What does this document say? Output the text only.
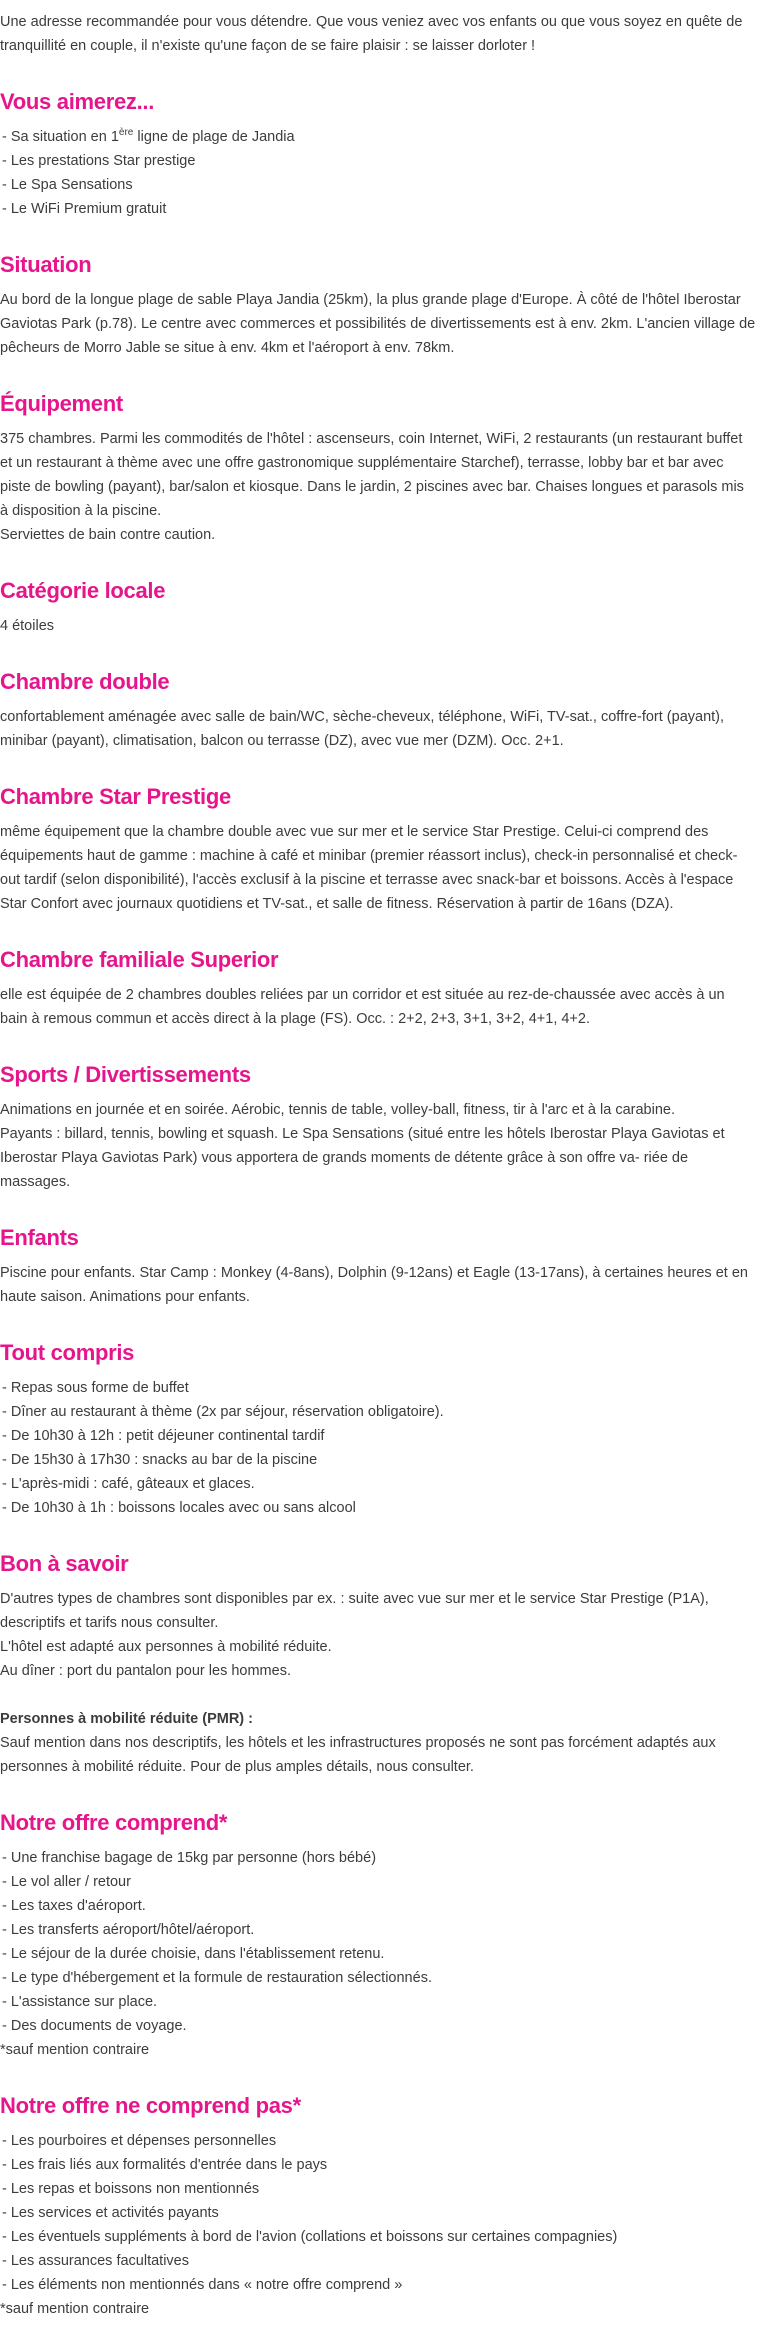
Une adresse recommandée pour vous détendre. Que vous veniez avec vos enfants ou que vous soyez en quête de tranquillité en couple, il n'existe qu'une façon de se faire plaisir : se laisser dorloter !

Vous aimerez...
- Sa situation en 1ère ligne de plage de Jandia
- Les prestations Star prestige
- Le Spa Sensations
- Le WiFi Premium gratuit
Situation

Au bord de la longue plage de sable Playa Jandia (25km), la plus grande plage d'Europe. À côté de l'hôtel Iberostar Gaviotas Park (p.78). Le centre avec commerces et possibilités de divertissements est à env. 2km. L'ancien village de pêcheurs de Morro Jable se situe à env. 4km et l'aéroport à env. 78km.

Équipement

375 chambres. Parmi les commodités de l'hôtel : ascenseurs, coin Internet, WiFi, 2 restaurants (un restaurant buffet et un restaurant à thème avec une offre gastronomique supplémentaire Starchef), terrasse, lobby bar et bar avec piste de bowling (payant), bar/salon et kiosque. Dans le jardin, 2 piscines avec bar. Chaises longues et parasols mis à disposition à la piscine.

Serviettes de bain contre caution.

Catégorie locale

4 étoiles

Chambre double

confortablement aménagée avec salle de bain/WC, sèche-cheveux, téléphone, WiFi, TV-sat., coffre-fort (payant), minibar (payant), climatisation, balcon ou terrasse (DZ), avec vue mer (DZM). Occ. 2+1.

Chambre Star Prestige

même équipement que la chambre double avec vue sur mer et le service Star Prestige. Celui-ci comprend des équipements haut de gamme : machine à café et minibar (premier réassort inclus), check-in personnalisé et check-out tardif (selon disponibilité), l'accès exclusif à la piscine et terrasse avec snack-bar et boissons. Accès à l'espace Star Confort avec journaux quotidiens et TV-sat., et salle de fitness. Réservation à partir de 16ans (DZA).

Chambre familiale Superior

elle est équipée de 2 chambres doubles reliées par un corridor et est située au rez-de-chaussée avec accès à un bain à remous commun et accès direct à la plage (FS). Occ. : 2+2, 2+3, 3+1, 3+2, 4+1, 4+2.

Sports / Divertissements

Animations en journée et en soirée. Aérobic, tennis de table, volley-ball, fitness, tir à l'arc et à la carabine.

Payants : billard, tennis, bowling et squash. Le Spa Sensations (situé entre les hôtels Iberostar Playa Gaviotas et Iberostar Playa Gaviotas Park) vous apportera de grands moments de détente grâce à son offre va- riée de massages.

Enfants

Piscine pour enfants. Star Camp : Monkey (4-8ans), Dolphin (9-12ans) et Eagle (13-17ans), à certaines heures et en haute saison. Animations pour enfants.

Tout compris
- Repas sous forme de buffet
- Dîner au restaurant à thème (2x par séjour, réservation obligatoire).
- De 10h30 à 12h : petit déjeuner continental tardif
- De 15h30 à 17h30 : snacks au bar de la piscine
- L'après-midi : café, gâteaux et glaces.
- De 10h30 à 1h : boissons locales avec ou sans alcool
Bon à savoir

D'autres types de chambres sont disponibles par ex. : suite avec vue sur mer et le service Star Prestige (P1A), descriptifs et tarifs nous consulter.

L'hôtel est adapté aux personnes à mobilité réduite.

Au dîner : port du pantalon pour les hommes.

Personnes à mobilité réduite (PMR) :

Sauf mention dans nos descriptifs, les hôtels et les infrastructures proposés ne sont pas forcément adaptés aux personnes à mobilité réduite. Pour de plus amples détails, nous consulter.

Notre offre comprend*
- Une franchise bagage de 15kg par personne (hors bébé)
- Le vol aller / retour
- Les taxes d'aéroport.
- Les transferts aéroport/hôtel/aéroport.
- Le séjour de la durée choisie, dans l'établissement retenu.
- Le type d'hébergement et la formule de restauration sélectionnés.
- L'assistance sur place.
- Des documents de voyage.

*sauf mention contraire

Notre offre ne comprend pas*
- Les pourboires et dépenses personnelles
- Les frais liés aux formalités d'entrée dans le pays
- Les repas et boissons non mentionnés
- Les services et activités payants
- Les éventuels suppléments à bord de l'avion (collations et boissons sur certaines compagnies)
- Les assurances facultatives
- Les éléments non mentionnés dans « notre offre comprend »

*sauf mention contraire
